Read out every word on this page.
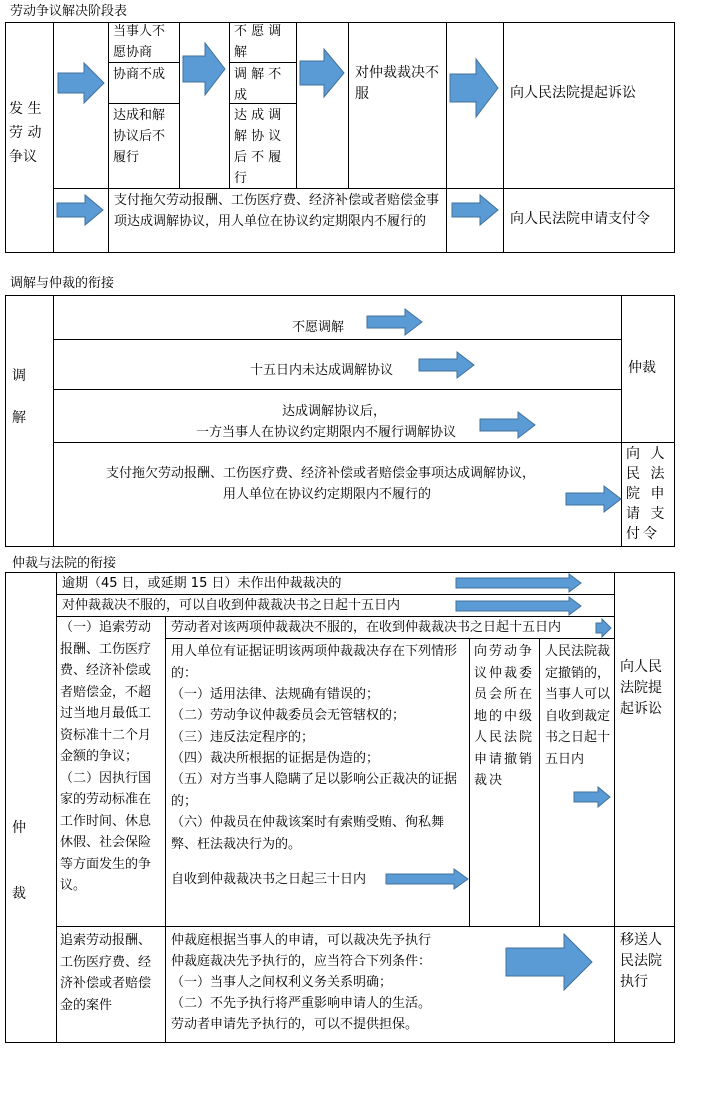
劳动争议解决阶段表
发 生 劳 动 争议
当事人不愿协商
协商不成
达成和解协议后不履行
不 愿 调 解
调 解 不 成
达 成 调 解 协 议 后 不 履 行
对仲裁裁决不服	向人民法院提起诉讼
支付拖欠劳动报酬、工伤医疗费、经济补偿或者赔偿金事项达成调解协议，用人单位在协议约定期限内不履行的	向人民法院申请支付令
调解与仲裁的衔接
调 解
不愿调解
十五日内未达成调解协议
达成调解协议后，
一方当事人在协议约定期限内不履行调解协议
支付拖欠劳动报酬、工伤医疗费、经济补偿或者赔偿金事项达成调解协议，
用人单位在协议约定期限内不履行的
仲裁
向 人 民 法 院 申 请 支 付令
仲裁与法院的衔接
仲 裁
逾期（45 日，或延期 15 日）未作出仲裁裁决的
对仲裁裁决不服的，可以自收到仲裁裁决书之日起十五日内
（一）追索劳动报酬、工伤医疗费、经济补偿或者赔偿金，不超过当地月最低工资标准十二个月金额的争议；（二）因执行国家的劳动标准在工作时间、休息休假、社会保险等方面发生的争议。
劳动者对该两项仲裁裁决不服的，在收到仲裁裁决书之日起十五日内
用人单位有证据证明该两项仲裁裁决存在下列情形的：
（一）适用法律、法规确有错误的；
（二）劳动争议仲裁委员会无管辖权的；
（三）违反法定程序的；
（四）裁决所根据的证据是伪造的；
（五）对方当事人隐瞒了足以影响公正裁决的证据的；
（六）仲裁员在仲裁该案时有索贿受贿、徇私舞弊、枉法裁决行为的。
自收到仲裁裁决书之日起三十日内
向劳动争议仲裁委员会所在地的中级人民法院申请撤销裁决
人民法院裁定撤销的，当事人可以自收到裁定书之日起十五日内
向人民法院提起诉讼
追索劳动报酬、工伤医疗费、经济补偿或者赔偿金的案件
仲裁庭根据当事人的申请，可以裁决先予执行
仲裁庭裁决先予执行的，应当符合下列条件：
（一）当事人之间权利义务关系明确；
（二）不先予执行将严重影响申请人的生活。
劳动者申请先予执行的，可以不提供担保。
移送人民法院执行
